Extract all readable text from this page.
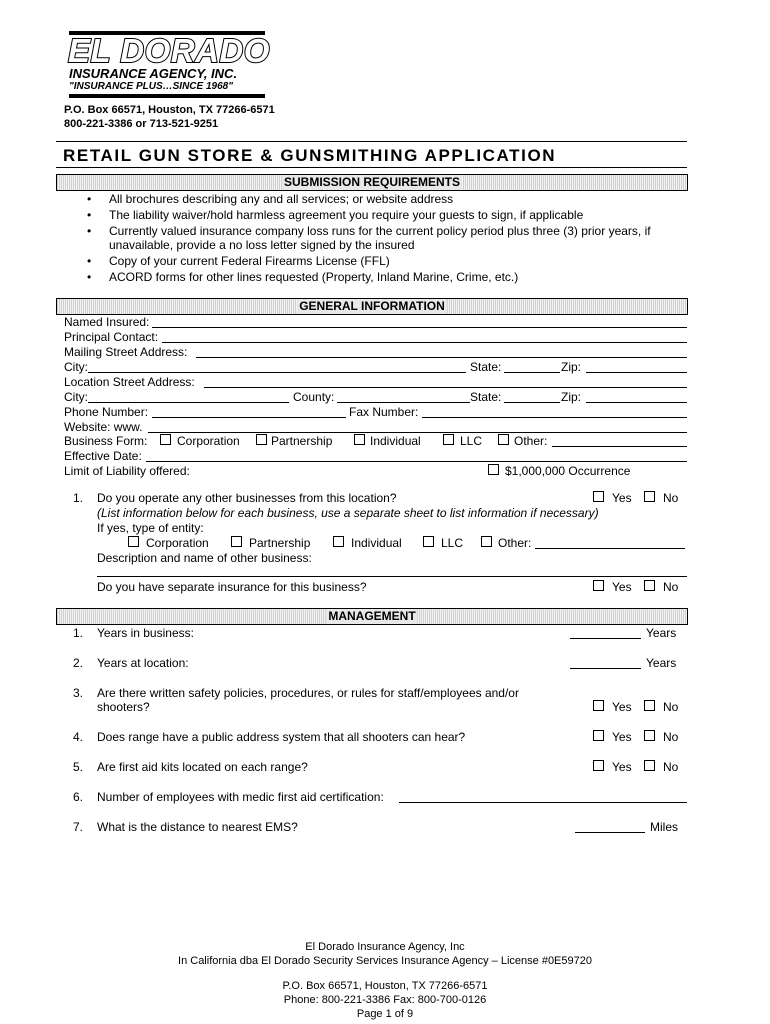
EL DORADO
INSURANCE AGENCY, INC.
"INSURANCE PLUS…SINCE 1968"
P.O. Box 66571, Houston, TX 77266-6571
800-221-3386 or 713-521-9251
RETAIL GUN STORE & GUNSMITHING APPLICATION
SUBMISSION REQUIREMENTS
• All brochures describing any and all services; or website address
• The liability waiver/hold harmless agreement you require your guests to sign, if applicable
• Currently valued insurance company loss runs for the current policy period plus three (3) prior years, if
unavailable, provide a no loss letter signed by the insured
• Copy of your current Federal Firearms License (FFL)
• ACORD forms for other lines requested (Property, Inland Marine, Crime, etc.)
GENERAL INFORMATION
Named Insured:
Principal Contact:
Mailing Street Address:
City:	State:	Zip:
Location Street Address:
City:	County:	State:	Zip:
Phone Number:	Fax Number:
Website: www.
Business Form: Corporation	Partnership	Individual	LLC	Other:
Effective Date:
Limit of Liability offered:	$1,000,000 Occurrence
1. Do you operate any other businesses from this location?	Yes	No
(List information below for each business, use a separate sheet to list information if necessary)
If yes, type of entity:
Corporation	Partnership	Individual	LLC	Other:
Description and name of other business:
Do you have separate insurance for this business?	Yes	No
MANAGEMENT
1. Years in business:	Years
2. Years at location:	Years
3. Are there written safety policies, procedures, or rules for staff/employees and/or
shooters?	Yes	No
4. Does range have a public address system that all shooters can hear?	Yes	No
5. Are first aid kits located on each range?	Yes	No
6. Number of employees with medic first aid certification:
7. What is the distance to nearest EMS?	Miles
El Dorado Insurance Agency, Inc
In California dba El Dorado Security Services Insurance Agency – License #0E59720
P.O. Box 66571, Houston, TX 77266-6571
Phone: 800-221-3386 Fax: 800-700-0126
Page 1 of 9
